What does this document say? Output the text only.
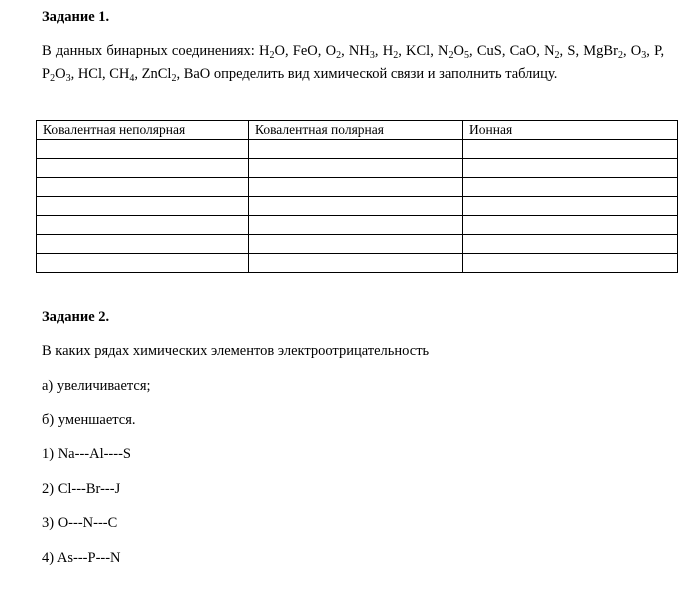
Задание 1.
В данных бинарных соединениях: $H_2O$, FeO, $O_2$, $NH_3$, $H_2$, KCl, $N_2O_5$, CuS, CaO, $N_2$, S, MgBr$_2$, $O_3$, P, $P_2O_3$, HCl, $CH_4$, ZnCl$_2$, BaO определить вид химической связи и заполнить таблицу.
Ковалентная неполярная	Ковалентная полярная	Ионная

Задание 2.
В каких рядах химических элементов электроотрицательность
а) увеличивается;
б) уменшается.
1) Na---Al----S
2) Cl---Br---J
3) O---N---C
4) As---P---N
